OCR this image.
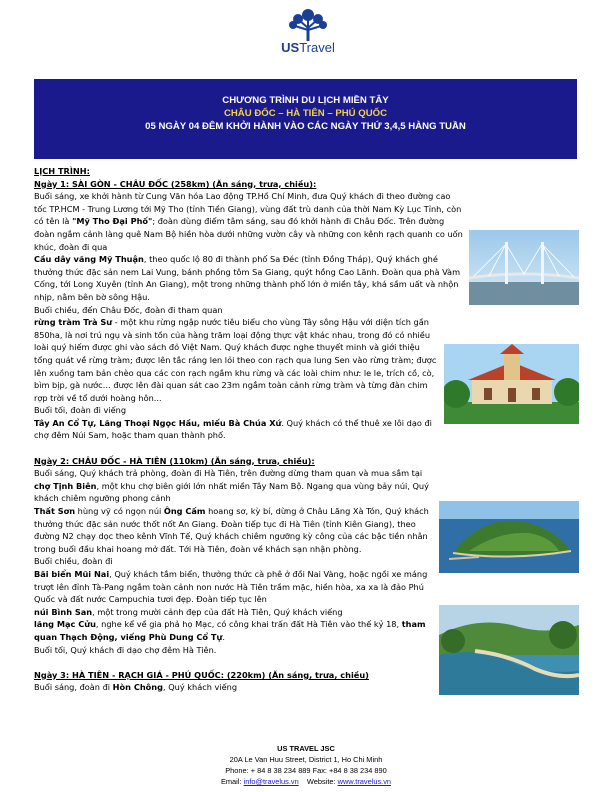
USTravel
CHƯƠNG TRÌNH DU LỊCH MIỀN TÂY
CHÂU ĐỐC – HÀ TIÊN – PHÚ QUỐC
05 NGÀY 04 ĐÊM KHỞI HÀNH VÀO CÁC NGÀY THỨ 3,4,5 HÀNG TUẦN

LỊCH TRÌNH:

Ngày 1: SÀI GÒN - CHÂU ĐỐC (258km) (Ăn sáng, trưa, chiều):

Buổi sáng, xe khởi hành từ Cung Văn hóa Lao động TP.Hồ Chí Minh, đưa Quý khách đi theo đường cao tốc TP.HCM - Trung Lương tới Mỹ Tho (tỉnh Tiền Giang), vùng đất trù danh của thời Nam Kỳ Lục Tỉnh, còn có tên là "Mỹ Tho Đại Phố"; đoàn dùng điểm tâm sáng, sau đó khởi hành đi Châu Đốc. Trên đường đoàn ngắm cảnh làng quê Nam Bộ hiền hòa dưới những vườn cây và những con kênh rạch quanh co uốn khúc, đoàn đi qua

Cầu dây văng Mỹ Thuận, theo quốc lộ 80 đi thành phố Sa Đéc (tỉnh Đồng Tháp), Quý khách ghé thưởng thức đặc sản nem Lai Vung, bánh phồng tôm Sa Giang, quýt hồng Cao Lãnh. Đoàn qua phà Vàm Cống, tới Long Xuyên (tỉnh An Giang), một trong những thành phố lớn ở miền tây, khá sầm uất và nhộn nhịp, nằm bên bờ sông Hậu.

Buổi chiều, đến Châu Đốc, đoàn đi tham quan

rừng tràm Trà Sư - một khu rừng ngập nước tiêu biểu cho vùng Tây sông Hậu với diện tích gần 850ha, là nơi trú ngụ và sinh tồn của hàng trăm loại động thực vật khác nhau, trong đó có nhiều loài quý hiếm được ghi vào sách đỏ Việt Nam. Quý khách được nghe thuyết minh và giới thiệu tổng quát về rừng tràm; được lên tắc ráng len lỏi theo con rạch qua lung Sen vào rừng tràm; được lên xuồng tam bản chèo qua các con rạch ngắm khu rừng và các loài chim như: le le, trích cồ, cò, bìm bịp, gà nước… được lên đài quan sát cao 23m ngắm toàn cảnh rừng tràm và từng đàn chim rợp trời về tổ dưới hoàng hôn...

Buổi tối, đoàn đi viếng

Tây An Cổ Tự, Lăng Thoại Ngọc Hầu, miếu Bà Chúa Xứ. Quý khách có thể thuê xe lôi dạo đi chợ đêm Núi Sam, hoặc tham quan thành phố.

Ngày 2: CHÂU ĐỐC - HÀ TIÊN (110km) (Ăn sáng, trưa, chiều):

Buổi sáng, Quý khách trả phòng, đoàn đi Hà Tiên, trên đường dừng tham quan và mua sắm tại

chợ Tịnh Biên, một khu chợ biên giới lớn nhất miền Tây Nam Bộ. Ngang qua vùng bảy núi, Quý khách chiêm ngưỡng phong cảnh

Thất Sơn hùng vỹ có ngọn núi Ông Cấm hoang sơ, kỳ bí, dừng ở Châu Lăng Xà Tón, Quý khách thưởng thức đặc sản nước thốt nốt An Giang. Đoàn tiếp tục đi Hà Tiên (tỉnh Kiên Giang), theo đường N2 chạy dọc theo kênh Vĩnh Tế, Quý khách chiêm ngưỡng kỳ công của các bậc tiền nhân trong buổi đầu khai hoang mở đất. Tới Hà Tiên, đoàn về khách sạn nhận phòng.

Buổi chiều, đoàn đi

Bãi biển Mũi Nai, Quý khách tắm biển, thưởng thức cà phê ở đồi Nai Vàng, hoặc ngồi xe máng trượt lên đỉnh Tà-Pang ngắm toàn cảnh non nước Hà Tiên trầm mặc, hiền hòa, xa xa là đảo Phú Quốc và đất nước Campuchia tươi đẹp. Đoàn tiếp tục lên

núi Bình San, một trong mười cảnh đẹp của đất Hà Tiên, Quý khách viếng

lăng Mạc Cửu, nghe kể về gia phả họ Mạc, có công khai trấn đất Hà Tiên vào thế kỷ 18, tham quan Thạch Động, viếng Phù Dung Cổ Tự.

Buổi tối, Quý khách đi dạo chợ đêm Hà Tiên.

Ngày 3: HÀ TIÊN - RẠCH GIÁ - PHÚ QUỐC: (220km) (Ăn sáng, trưa, chiều)

Buổi sáng, đoàn đi Hòn Chông, Quý khách viếng

US TRAVEL JSC
20A Le Van Huu Street, District 1, Ho Chi Minh
Phone: + 84 8 38 234 889 Fax: +84 8 38 234 890
Email: info@travelus.vn    Website: www.travelus.vn
